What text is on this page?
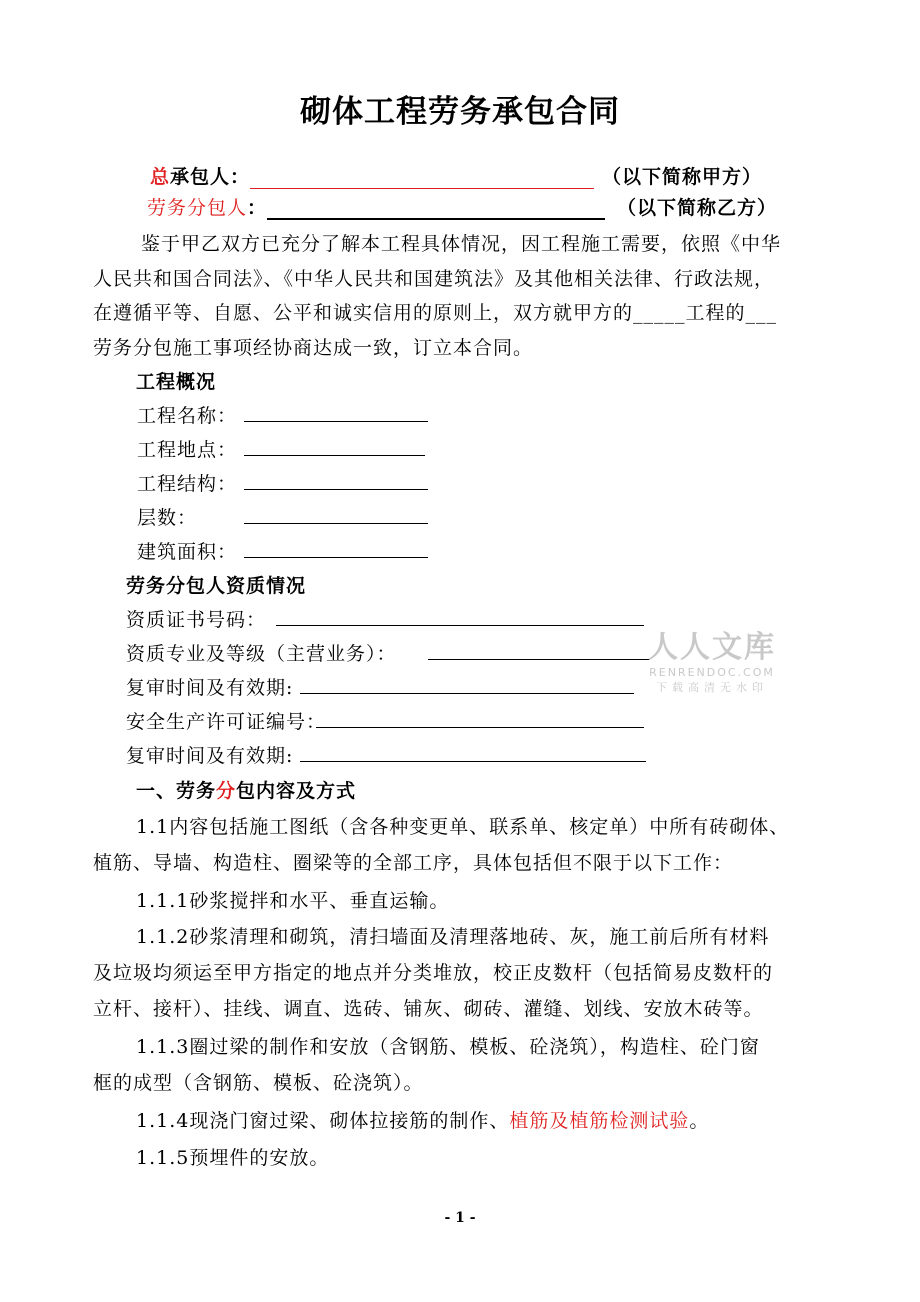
砌体工程劳务承包合同
总承包人：	（以下简称甲方）
劳务分包人：	（以下简称乙方）
鉴于甲乙双方已充分了解本工程具体情况，因工程施工需要，依照《中华
人民共和国合同法》、《中华人民共和国建筑法》及其他相关法律、行政法规，
在遵循平等、自愿、公平和诚实信用的原则上，双方就甲方的_____工程的___
劳务分包施工事项经协商达成一致，订立本合同。
工程概况
工程名称：
工程地点：
工程结构：
层数：
建筑面积：
劳务分包人资质情况
资质证书号码：
资质专业及等级（主营业务）：
复审时间及有效期:
安全生产许可证编号：
复审时间及有效期:
人人文库
RENRENDOC.COM
下载高清无水印
一、劳务分包内容及方式
1.1内容包括施工图纸（含各种变更单、联系单、核定单）中所有砖砌体、
植筋、导墙、构造柱、圈梁等的全部工序，具体包括但不限于以下工作：
1.1.1砂浆搅拌和水平、垂直运输。
1.1.2砂浆清理和砌筑，清扫墙面及清理落地砖、灰，施工前后所有材料
及垃圾均须运至甲方指定的地点并分类堆放，校正皮数杆（包括简易皮数杆的
立杆、接杆）、挂线、调直、选砖、铺灰、砌砖、灌缝、划线、安放木砖等。
1.1.3圈过梁的制作和安放（含钢筋、模板、砼浇筑），构造柱、砼门窗
框的成型（含钢筋、模板、砼浇筑）。
1.1.4现浇门窗过梁、砌体拉接筋的制作、植筋及植筋检测试验。
1.1.5预埋件的安放。
- 1 -
